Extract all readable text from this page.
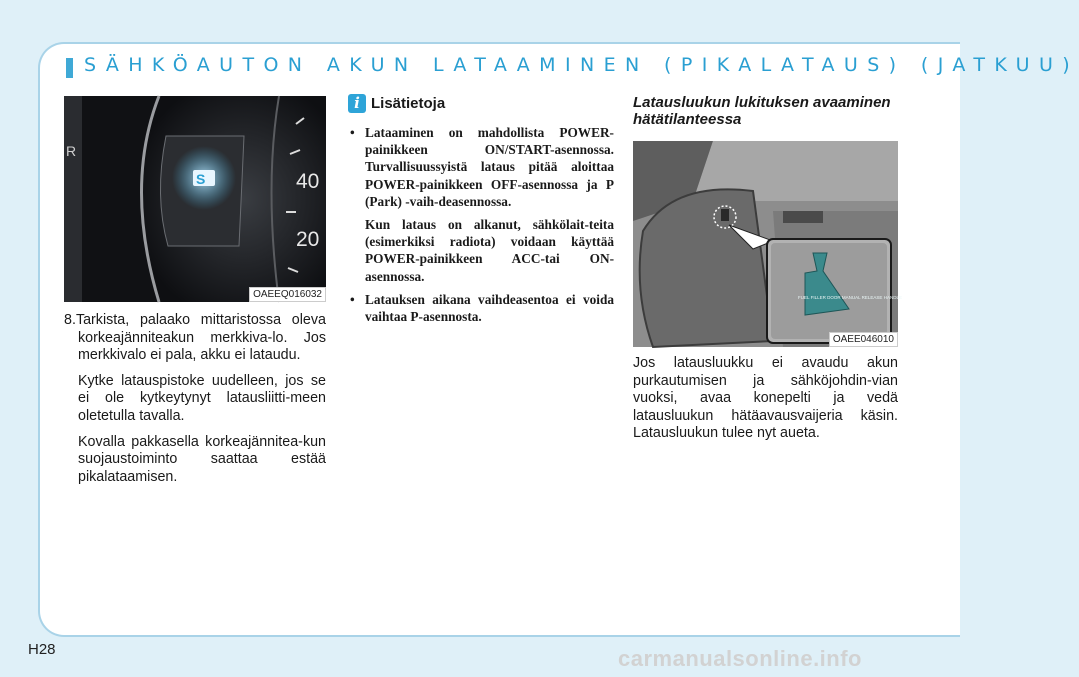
SÄHKÖAUTON AKUN LATAAMINEN (PIKALATAUS) (JATKUU)
R
S	40
20
OAEEQ016032

8.Tarkista, palaako mittaristossa oleva korkeajänniteakun merkkiva-lo. Jos merkkivalo ei pala, akku ei lataudu.

Kytke latauspistoke uudelleen, jos se ei ole kytkeytynyt latausliitti-meen oletetulla tavalla.

Kovalla pakkasella korkeajännitea-kun suojaustoiminto saattaa estää pikalataamisen.

i Lisätietoja
• Lataaminen on mahdollista POWER-painikkeen ON/START-asennossa. Turvallisuussyistä lataus pitää aloittaa POWER-painikkeen OFF-asennossa ja P (Park) -vaih-deasennossa.
Kun lataus on alkanut, sähkölait-teita (esimerkiksi radiota) voidaan käyttää POWER-painikkeen ACC-tai ON-asennossa.
• Latauksen aikana vaihdeasentoa ei voida vaihtaa P-asennosta.
Latausluukun lukituksen avaaminen hätätilanteessa
FUEL FILLER DOOR MANUAL RELEASE HANDLE
OAEE046010

Jos latausluukku ei avaudu akun purkautumisen ja sähköjohdin-vian vuoksi, avaa konepelti ja vedä latausluukun hätäavausvaijeria käsin. Latausluukun tulee nyt aueta.

H28	carmanualsonline.info
